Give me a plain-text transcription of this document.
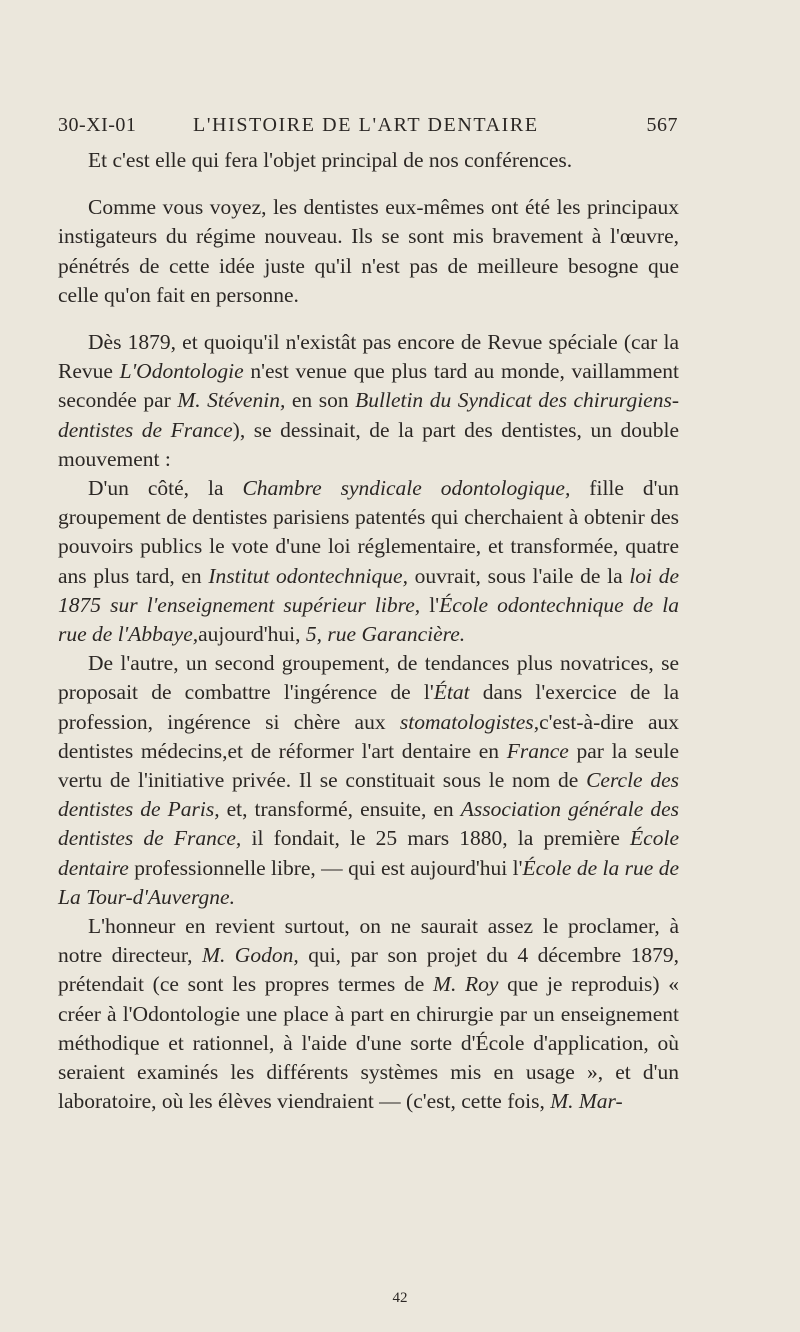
30-XI-01	L'HISTOIRE DE L'ART DENTAIRE	567

Et c'est elle qui fera l'objet principal de nos conférences.

Comme vous voyez, les dentistes eux-mêmes ont été les principaux instigateurs du régime nouveau. Ils se sont mis bravement à l'œuvre, pénétrés de cette idée juste qu'il n'est pas de meilleure besogne que celle qu'on fait en personne.

Dès 1879, et quoiqu'il n'existât pas encore de Revue spéciale (car la Revue L'Odontologie n'est venue que plus tard au monde, vaillamment secondée par M. Stévenin, en son Bulletin du Syndicat des chirurgiens-dentistes de France), se dessinait, de la part des dentistes, un double mouvement :

D'un côté, la Chambre syndicale odontologique, fille d'un groupement de dentistes parisiens patentés qui cherchaient à obtenir des pouvoirs publics le vote d'une loi réglementaire, et transformée, quatre ans plus tard, en Institut odontechnique, ouvrait, sous l'aile de la loi de 1875 sur l'enseignement supérieur libre, l'École odontechnique de la rue de l'Abbaye,aujourd'hui, 5, rue Garancière.

De l'autre, un second groupement, de tendances plus novatrices, se proposait de combattre l'ingérence de l'État dans l'exercice de la profession, ingérence si chère aux stomatologistes,c'est-à-dire aux dentistes médecins,et de réformer l'art dentaire en France par la seule vertu de l'initiative privée. Il se constituait sous le nom de Cercle des dentistes de Paris, et, transformé, ensuite, en Association générale des dentistes de France, il fondait, le 25 mars 1880, la première École dentaire professionnelle libre, — qui est aujourd'hui l'École de la rue de La Tour-d'Auvergne.

L'honneur en revient surtout, on ne saurait assez le proclamer, à notre directeur, M. Godon, qui, par son projet du 4 décembre 1879, prétendait (ce sont les propres termes de M. Roy que je reproduis) « créer à l'Odontologie une place à part en chirurgie par un enseignement méthodique et rationnel, à l'aide d'une sorte d'École d'application, où seraient examinés les différents systèmes mis en usage », et d'un laboratoire, où les élèves viendraient — (c'est, cette fois, M. Mar-

42
